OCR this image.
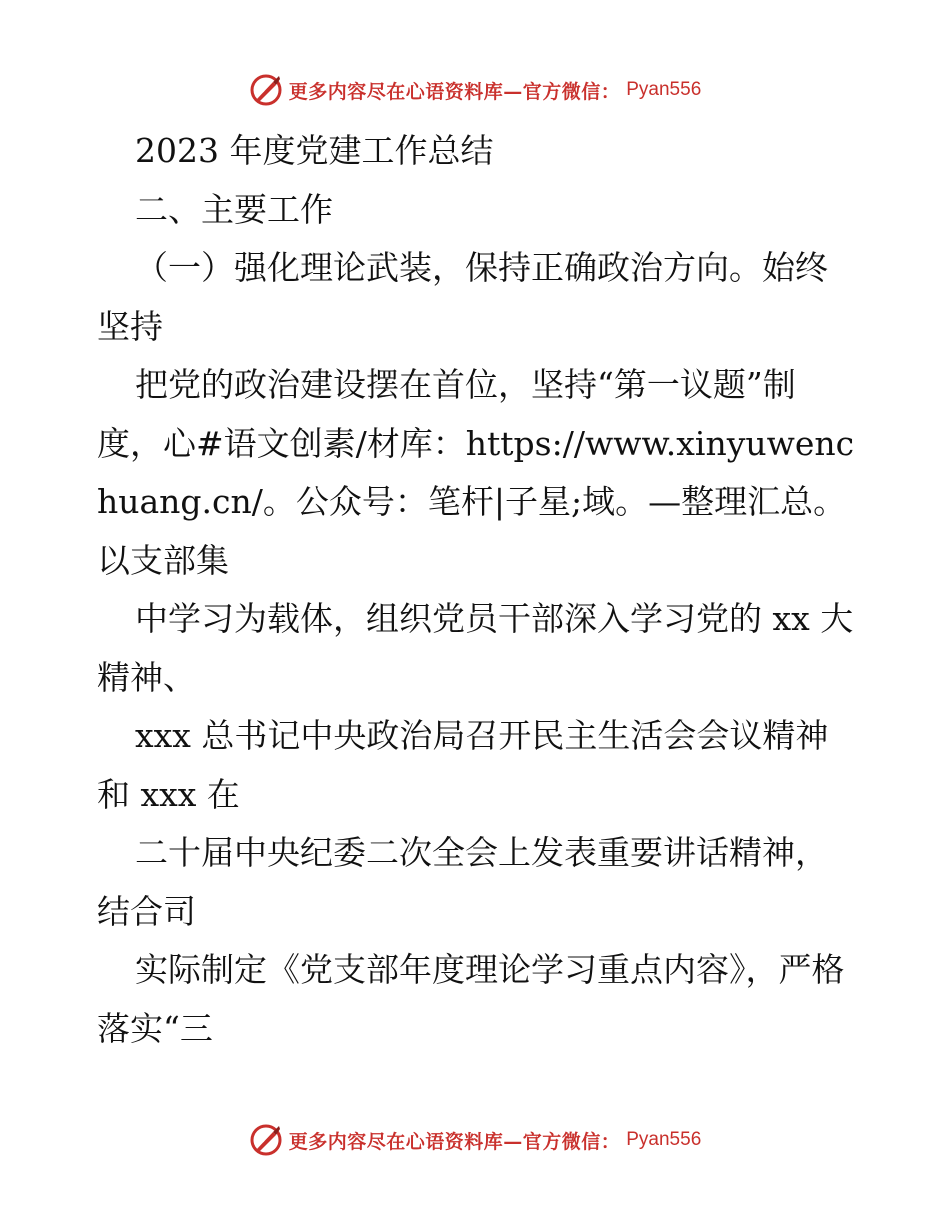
更多内容尽在心语资料库—官方微信： Pyan556

2023 年度党建工作总结

二、主要工作

（一）强化理论武装，保持正确政治方向。始终坚持

把党的政治建设摆在首位，坚持“第一议题”制度，心#语文创素/材库：https://www.xinyuwenchuang.cn/。公众号：笔杆|子星;域。—整理汇总。以支部集

中学习为载体，组织党员干部深入学习党的 xx 大精神、

xxx 总书记中央政治局召开民主生活会会议精神和 xxx 在

二十届中央纪委二次全会上发表重要讲话精神，结合司

实际制定《党支部年度理论学习重点内容》，严格落实“三

更多内容尽在心语资料库—官方微信： Pyan556
